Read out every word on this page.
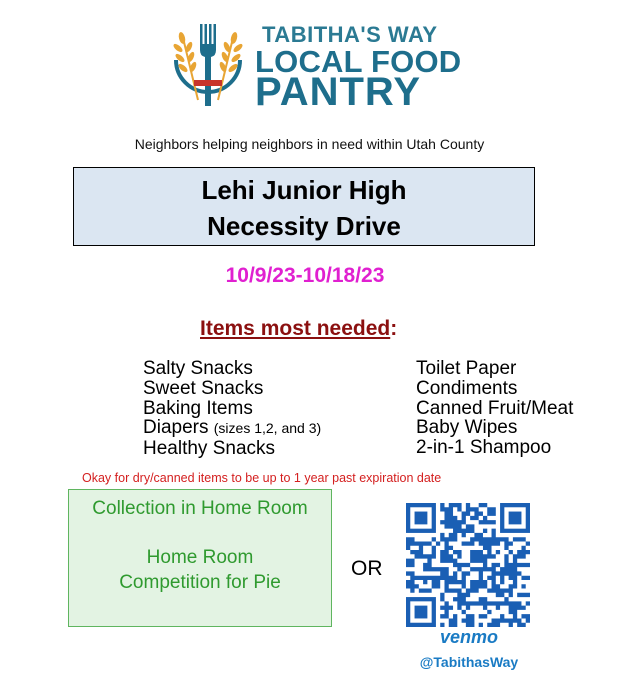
TABITHA'S WAY
LOCAL FOOD
PANTRY
Neighbors helping neighbors in need within Utah County
Lehi Junior High
Necessity Drive
10/9/23-10/18/23
Items most needed:
Salty Snacks
Sweet Snacks
Baking Items
Diapers (sizes 1,2, and 3)
Healthy Snacks
Toilet Paper
Condiments
Canned Fruit/Meat
Baby Wipes
2-in-1 Shampoo
Okay for dry/canned items to be up to 1 year past expiration date
Collection in Home Room
Home Room
Competition for Pie
OR
venmo
@TabithasWay
